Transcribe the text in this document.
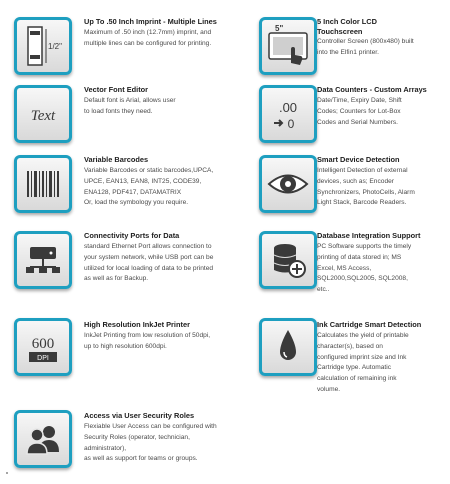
1/2"
Up To .50 Inch Imprint - Multiple Lines
Maximum of .50 inch (12.7mm) imprint, and
multiple lines can be configured for printing.
5"
5 Inch Color LCD
Touchscreen
Controller Screen (800x480) built
into the Elfin1 printer.
Text
Vector Font Editor
Default font is Arial, allows user
to load fonts they need.	.00
0
Data Counters - Custom Arrays
Date/Time, Expiry Date, Shift
Codes; Counters for Lot-Box
Codes and Serial Numbers.
Variable Barcodes
Variable Barcodes or static barcodes,UPCA,
UPCE, EAN13, EAN8, INT25, CODE39,
ENA128, PDF417, DATAMATRIX
Or, load the symbology you require.
Smart Device Detection
Intelligent Detection of external
devices, such as; Encoder
Synchronizers, PhotoCells, Alarm
Light Stack, Barcode Readers.
Connectivity Ports for Data
standard Ethernet Port allows connection to
your system network, while USB port can be
utilized for local loading of data to be printed
as well as for Backup.
Database Integration Support
PC Software supports the timely
printing of data stored in; MS
Excel, MS Access,
SQL2000,SQL2005, SQL2008,
etc..
600
DPI
High Resolution InkJet Printer
InkJet Printing from low resolution of 50dpi,
up to high resolution 600dpi.
Ink Cartridge Smart Detection
Calculates the yield of printable
character(s), based on
configured imprint size and Ink
Cartridge type. Automatic
calculation of remaining ink
volume.
Access via User Security Roles
Flexiable User Access can be configured with
Security Roles (operator, technician,
administrator),
as well as support for teams or groups.
